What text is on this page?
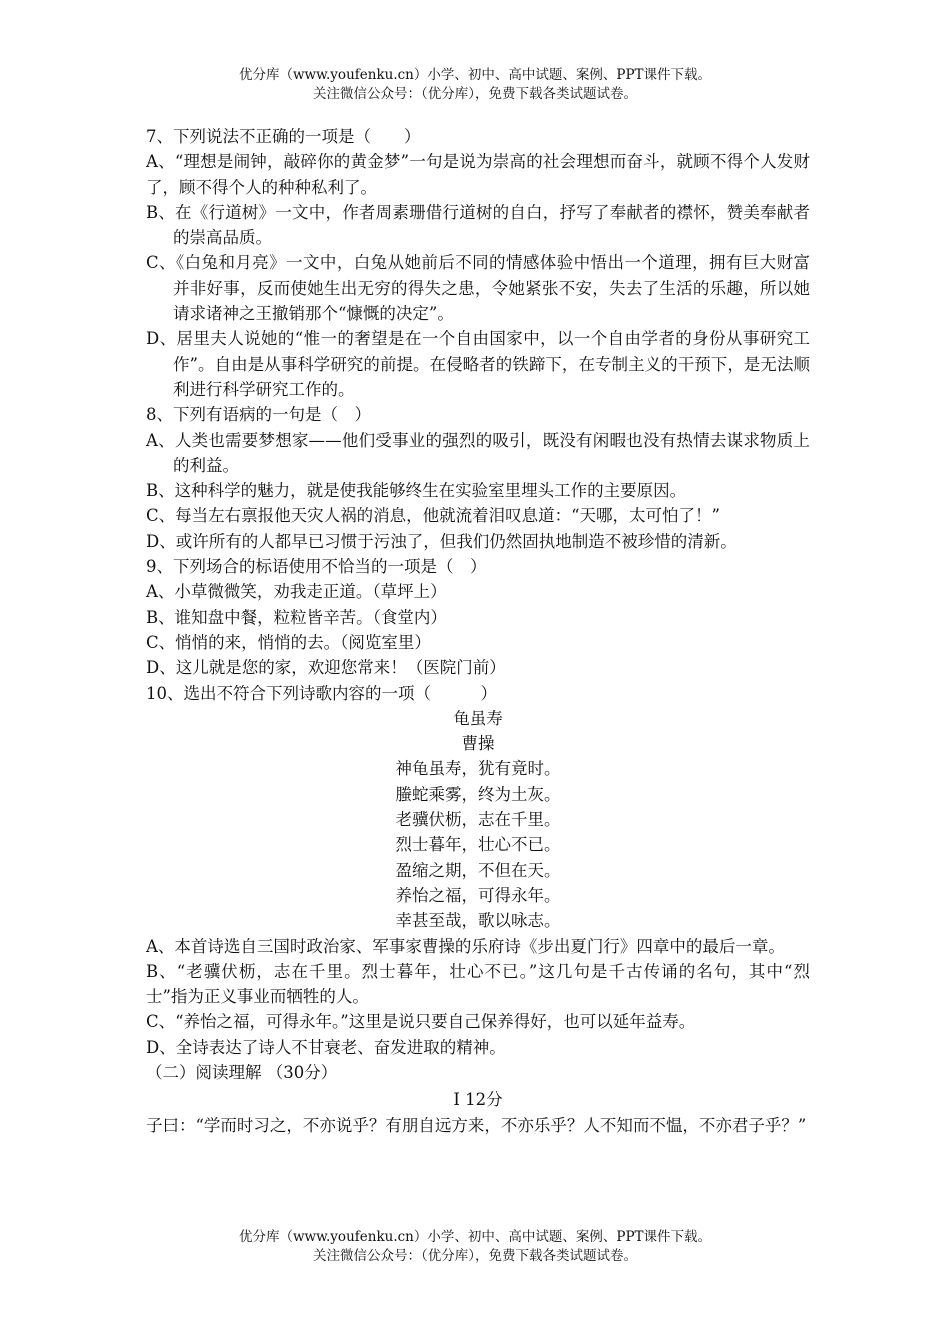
优分库（www.youfenku.cn）小学、初中、高中试题、案例、PPT课件下载。
关注微信公众号：（优分库），免费下载各类试题试卷。

7、下列说法不正确的一项是（　　）

A、“理想是闹钟，敲碎你的黄金梦”一句是说为崇高的社会理想而奋斗，就顾不得个人发财了，顾不得个人的种种私利了。

B、在《行道树》一文中，作者周素珊借行道树的自白，抒写了奉献者的襟怀，赞美奉献者的崇高品质。

C、《白兔和月亮》一文中，白兔从她前后不同的情感体验中悟出一个道理，拥有巨大财富并非好事，反而使她生出无穷的得失之患，令她紧张不安，失去了生活的乐趣，所以她请求诸神之王撤销那个“慷慨的决定”。

D、居里夫人说她的“惟一的奢望是在一个自由国家中，以一个自由学者的身份从事研究工作”。自由是从事科学研究的前提。在侵略者的铁蹄下，在专制主义的干预下，是无法顺利进行科学研究工作的。

8、下列有语病的一句是（　）

A、人类也需要梦想家——他们受事业的强烈的吸引，既没有闲暇也没有热情去谋求物质上的利益。

B、这种科学的魅力，就是使我能够终生在实验室里埋头工作的主要原因。

C、每当左右禀报他天灾人祸的消息，他就流着泪叹息道：“天哪，太可怕了！”

D、或许所有的人都早已习惯于污浊了，但我们仍然固执地制造不被珍惜的清新。

9、下列场合的标语使用不恰当的一项是（　）

A、小草微微笑，劝我走正道。（草坪上）

B、谁知盘中餐，粒粒皆辛苦。（食堂内）

C、悄悄的来，悄悄的去。（阅览室里）

D、这儿就是您的家，欢迎您常来！（医院门前）

10、选出不符合下列诗歌内容的一项（　　　）

龟虽寿

曹操

神龟虽寿，犹有竟时。

螣蛇乘雾，终为土灰。

老骥伏枥，志在千里。

烈士暮年，壮心不已。

盈缩之期，不但在天。

养怡之福，可得永年。

幸甚至哉，歌以咏志。

A、本首诗选自三国时政治家、军事家曹操的乐府诗《步出夏门行》四章中的最后一章。

B、“老骥伏枥，志在千里。烈士暮年，壮心不已。”这几句是千古传诵的名句，其中“烈士”指为正义事业而牺牲的人。

C、“养怡之福，可得永年。”这里是说只要自己保养得好，也可以延年益寿。

D、全诗表达了诗人不甘衰老、奋发进取的精神。

（二）阅读理解 （30分）

Ⅰ 12分

子曰：“学而时习之，不亦说乎？有朋自远方来，不亦乐乎？人不知而不愠，不亦君子乎？”

优分库（www.youfenku.cn）小学、初中、高中试题、案例、PPT课件下载。
关注微信公众号：（优分库），免费下载各类试题试卷。
